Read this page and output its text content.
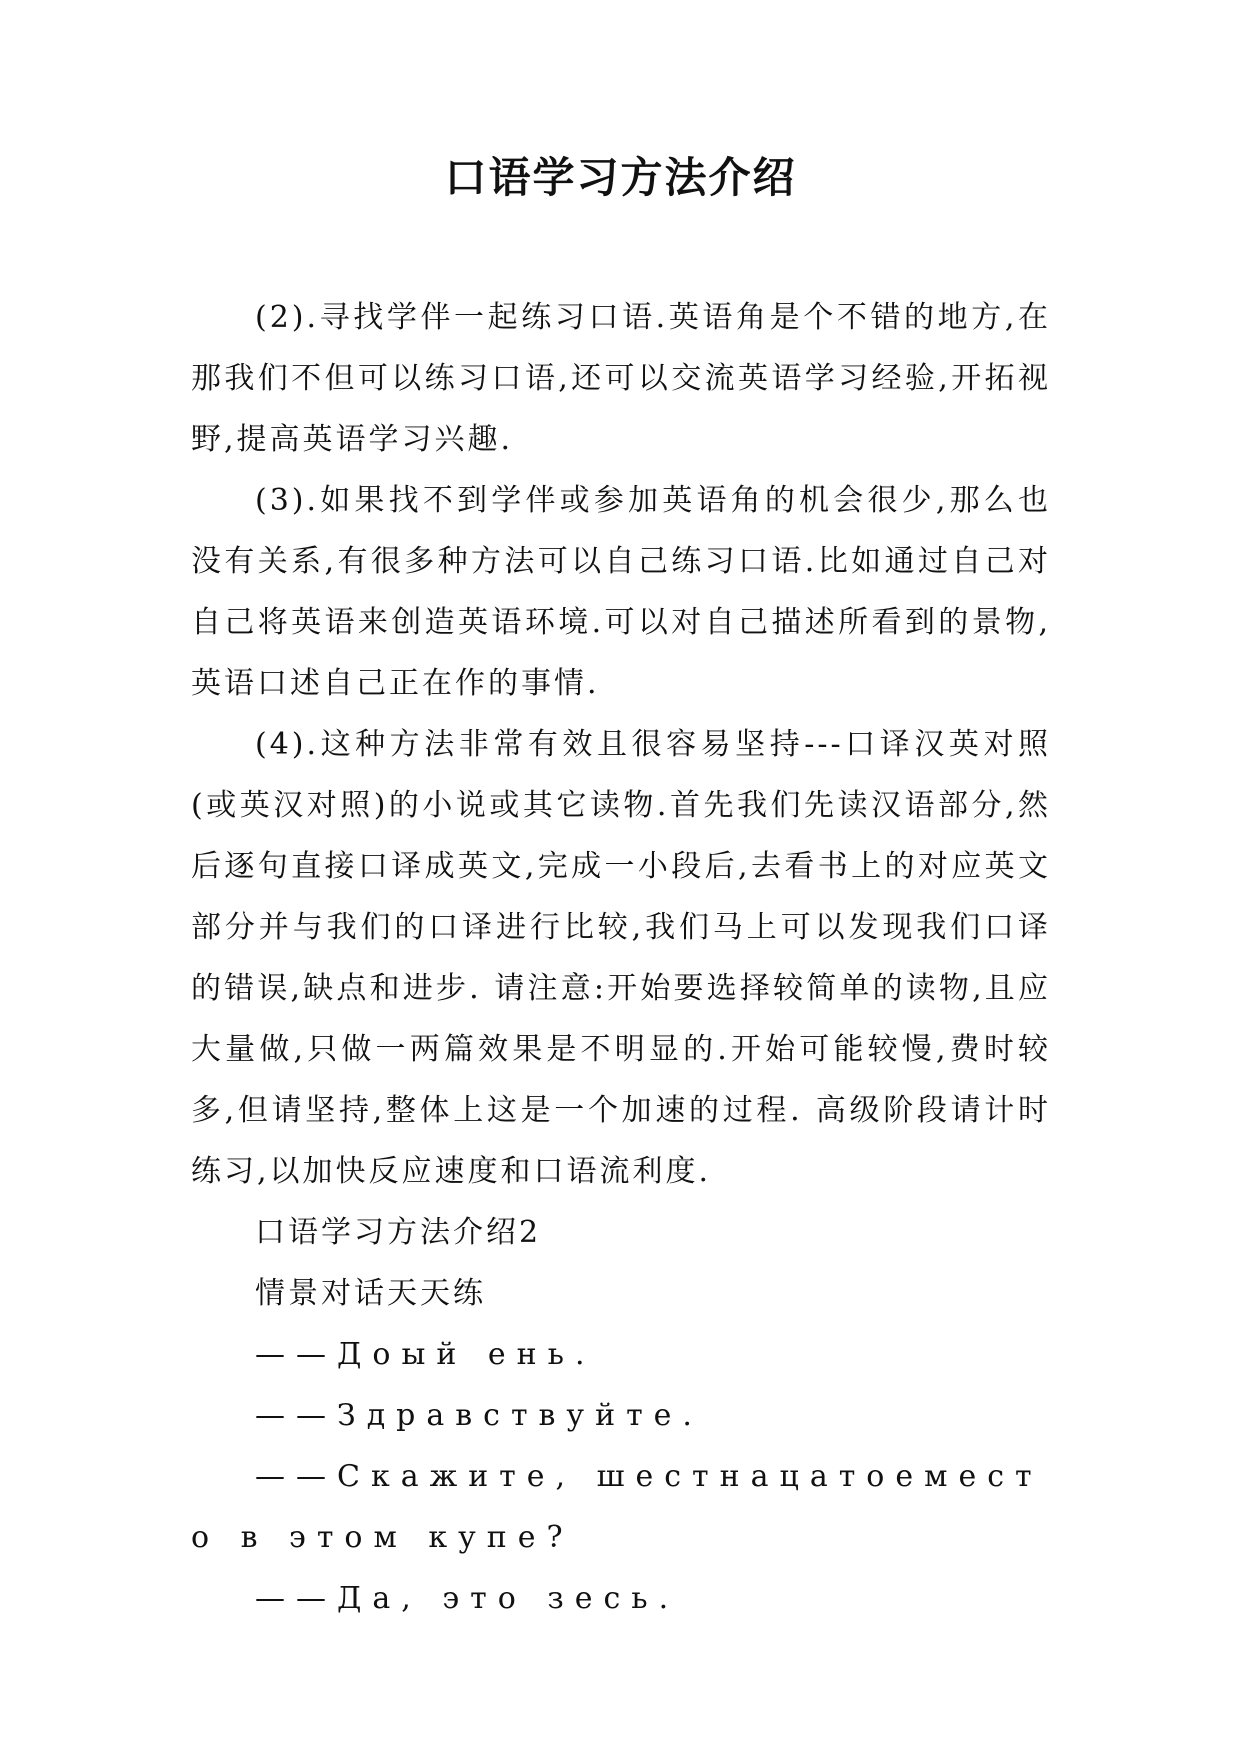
口语学习方法介绍

(2).寻找学伴一起练习口语.英语角是个不错的地方,在那我们不但可以练习口语,还可以交流英语学习经验,开拓视野,提高英语学习兴趣.

(3).如果找不到学伴或参加英语角的机会很少,那么也没有关系,有很多种方法可以自己练习口语.比如通过自己对自己将英语来创造英语环境.可以对自己描述所看到的景物,英语口述自己正在作的事情.

(4).这种方法非常有效且很容易坚持---口译汉英对照(或英汉对照)的小说或其它读物.首先我们先读汉语部分,然后逐句直接口译成英文,完成一小段后,去看书上的对应英文部分并与我们的口译进行比较,我们马上可以发现我们口译的错误,缺点和进步. 请注意:开始要选择较简单的读物,且应大量做,只做一两篇效果是不明显的.开始可能较慢,费时较多,但请坚持,整体上这是一个加速的过程. 高级阶段请计时练习,以加快反应速度和口语流利度.

口语学习方法介绍2

情景对话天天练

——Доый ень.

——Здравствуйте.

——Скажите, шестнацатоеместо в этом купе?

——Да, это зесь.
